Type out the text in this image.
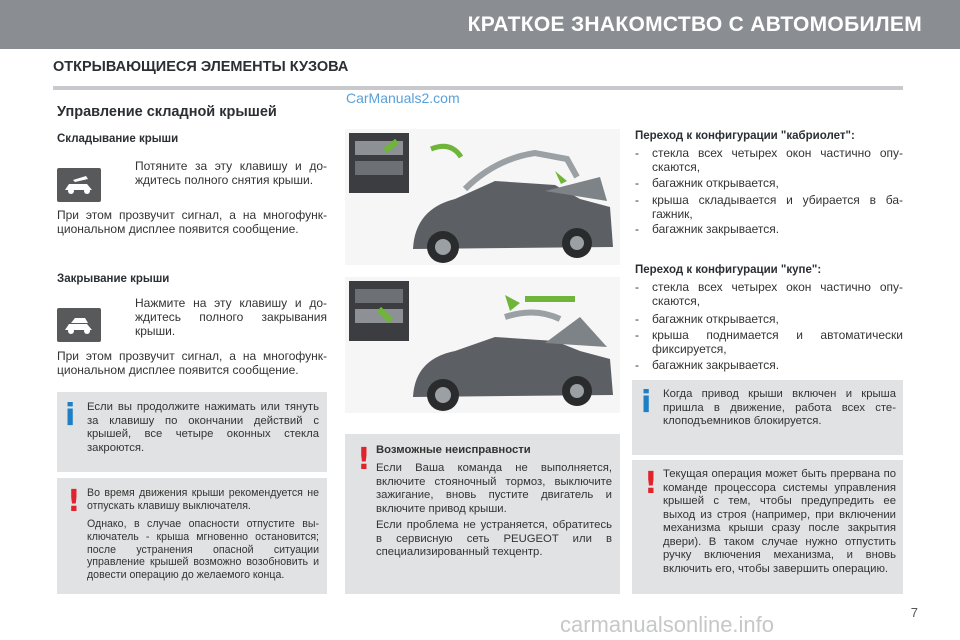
КРАТКОЕ ЗНАКОМСТВО С АВТОМОБИЛЕМ
ОТКРЫВАЮЩИЕСЯ ЭЛЕМЕНТЫ КУЗОВА
CarManuals2.com
Управление складной крышей
Складывание крыши
Потяните за эту клавишу и дождитесь полного снятия крыши.
При этом прозвучит сигнал, а на многофункциональном дисплее появится сообщение.
Закрывание крыши
Нажмите на эту клавишу и дождитесь полного закрывания крыши.
При этом прозвучит сигнал, а на многофункциональном дисплее появится сообщение.
i Если вы продолжите нажимать или тянуть за клавишу по окончании действий с крышей, все четыре оконных стекла закроются.
! Во время движения крыши рекомендуется не отпускать клавишу выключателя.
Однако, в случае опасности отпустите выключатель - крыша мгновенно остановится; после устранения опасной ситуации управление крышей возможно возобновить и довести операцию до желаемого конца.
! Возможные неисправности
Если Ваша команда не выполняется, включите стояночный тормоз, выключите зажигание, вновь пустите двигатель и включите привод крыши.
Если проблема не устраняется, обратитесь в сервисную сеть PEUGEOT или в специализированный техцентр.
Переход к конфигурации "кабриолет":
- стекла всех четырех окон частично опускаются,
- багажник открывается,
- крыша складывается и убирается в багажник,
- багажник закрывается.
Переход к конфигурации "купе":
- стекла всех четырех окон частично опускаются,
- багажник открывается,
- крыша поднимается и автоматически фиксируется,
- багажник закрывается.
i Когда привод крыши включен и крыша пришла в движение, работа всех стеклоподъемников блокируется.
! Текущая операция может быть прервана по команде процессора системы управления крышей с тем, чтобы предупредить ее выход из строя (например, при включении механизма крыши сразу после закрытия двери). В таком случае нужно отпустить ручку включения механизма, и вновь включить его, чтобы завершить операцию.
7
carmanualsonline.info
